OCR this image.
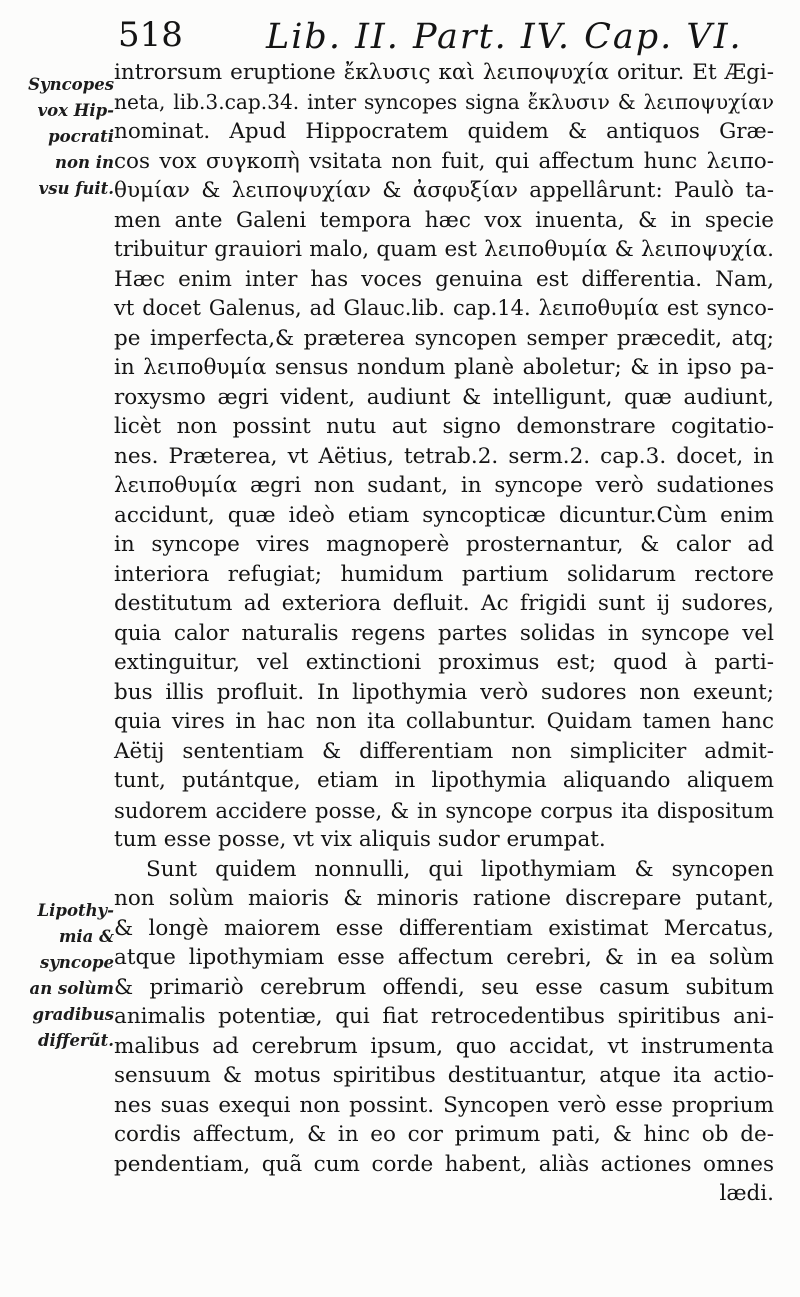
518 Lib. II. Part. IV. Cap. VI.
Syncopes
vox Hip-
pocrati
non in
vsu fuit.
Lipothy-
mia &
syncope
an solùm
gradibus
differũt.
introrsum eruptione ἔκλυσις καὶ λειποψυχία oritur. Et Ægi-
neta, lib.3.cap.34. inter syncopes signa ἔκλυσιν & λειποψυχίαν
nominat. Apud Hippocratem quidem & antiquos Græ-
cos vox συγκοπὴ vsitata non fuit, qui affectum hunc λειπο-
θυμίαν & λειποψυχίαν & ἀσφυξίαν appellârunt: Paulò ta-
men ante Galeni tempora hæc vox inuenta, & in specie
tribuitur grauiori malo, quam est λειποθυμία & λειποψυχία.
Hæc enim inter has voces genuina est differentia. Nam,
vt docet Galenus, ad Glauc.lib. cap.14. λειποθυμία est synco-
pe imperfecta,& præterea syncopen semper præcedit, atq;
in λειποθυμία sensus nondum planè aboletur; & in ipso pa-
roxysmo ægri vident, audiunt & intelligunt, quæ audiunt,
licèt non possint nutu aut signo demonstrare cogitatio-
nes. Præterea, vt Aëtius, tetrab.2. serm.2. cap.3. docet, in
λειποθυμία ægri non sudant, in syncope verò sudationes
accidunt, quæ ideò etiam syncopticæ dicuntur.Cùm enim
in syncope vires magnoperè prosternantur, & calor ad
interiora refugiat; humidum partium solidarum rectore
destitutum ad exteriora defluit. Ac frigidi sunt ij sudores,
quia calor naturalis regens partes solidas in syncope vel
extinguitur, vel extinctioni proximus est; quod à parti-
bus illis profluit. In lipothymia verò sudores non exeunt;
quia vires in hac non ita collabuntur. Quidam tamen hanc
Aëtij sententiam & differentiam non simpliciter admit-
tunt, putántque, etiam in lipothymia aliquando aliquem
sudorem accidere posse, & in syncope corpus ita dispositum
tum esse posse, vt vix aliquis sudor erumpat.
Sunt quidem nonnulli, qui lipothymiam & syncopen
non solùm maioris & minoris ratione discrepare putant,
& longè maiorem esse differentiam existimat Mercatus,
atque lipothymiam esse affectum cerebri, & in ea solùm
& primariò cerebrum offendi, seu esse casum subitum
animalis potentiæ, qui fiat retrocedentibus spiritibus ani-
malibus ad cerebrum ipsum, quo accidat, vt instrumenta
sensuum & motus spiritibus destituantur, atque ita actio-
nes suas exequi non possint. Syncopen verò esse proprium
cordis affectum, & in eo cor primum pati, & hinc ob de-
pendentiam, quã cum corde habent, aliàs actiones omnes
lædi.
